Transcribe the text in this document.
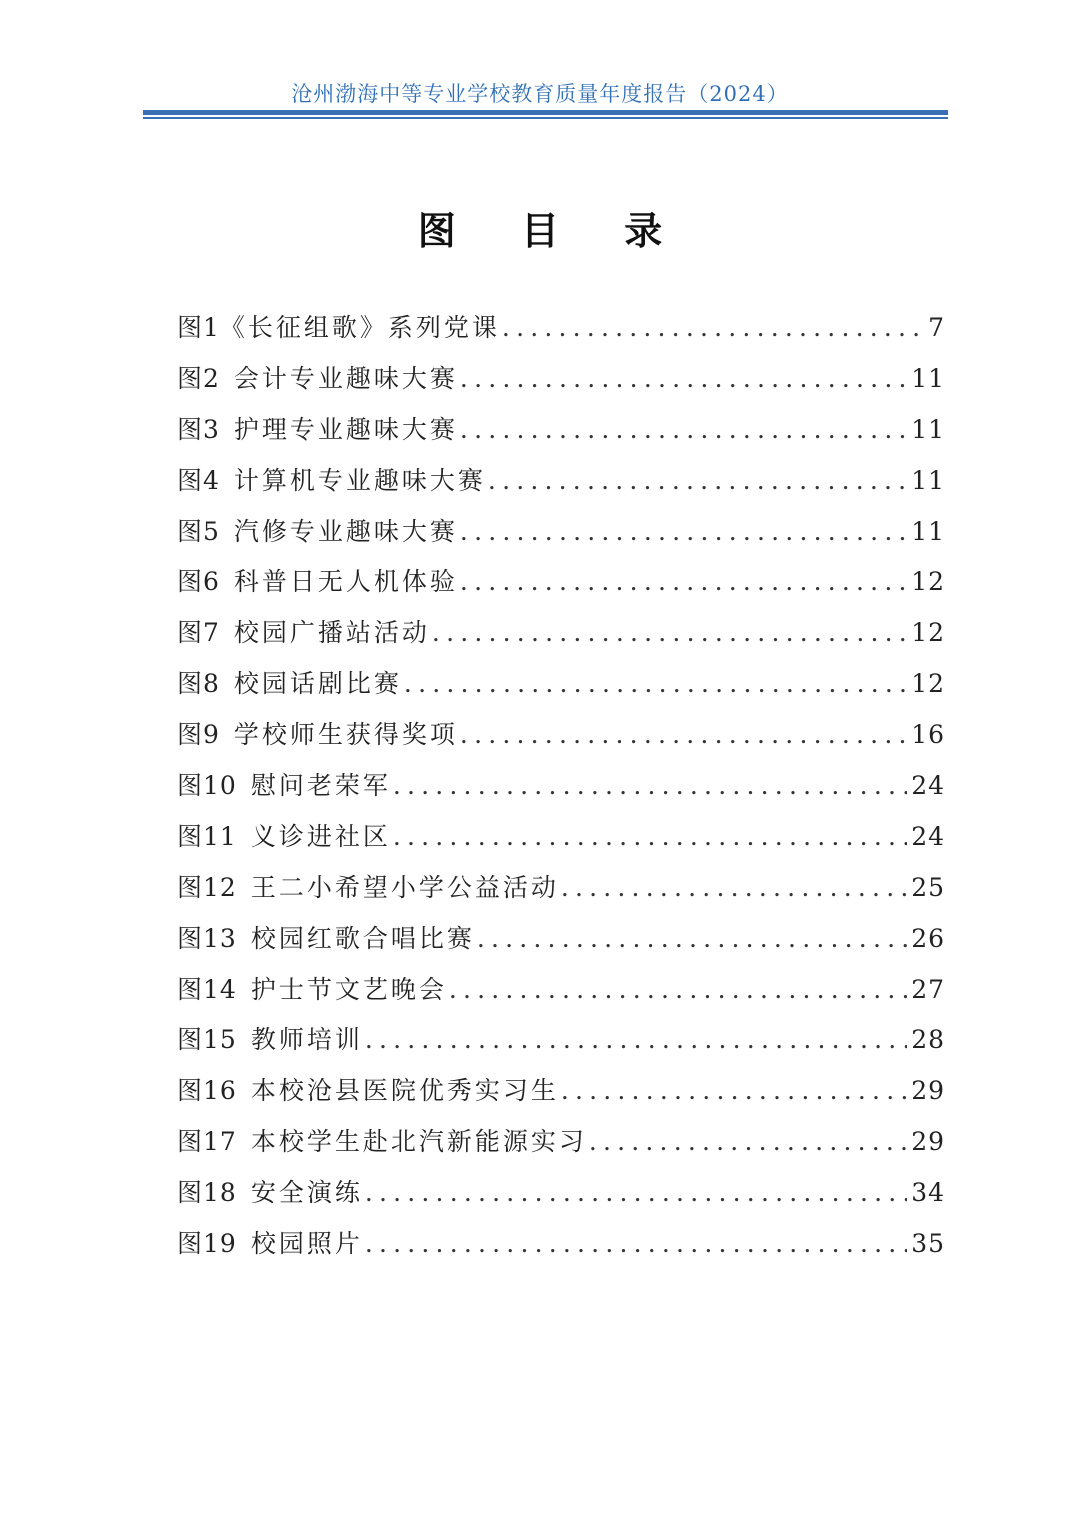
沧州渤海中等专业学校教育质量年度报告（2024）
图 目 录
图1 《长征组歌》系列党课 .....	7
图2 会计专业趣味大赛 .....	11
图3 护理专业趣味大赛 .....	11
图4 计算机专业趣味大赛 .....	11
图5 汽修专业趣味大赛 .....	11
图6 科普日无人机体验 .....	12
图7 校园广播站活动 .....	12
图8 校园话剧比赛 .....	12
图9 学校师生获得奖项 .....	16
图10 慰问老荣军 .....	24
图11 义诊进社区 .....	24
图12 王二小希望小学公益活动 .....	25
图13 校园红歌合唱比赛 .....	26
图14 护士节文艺晚会 .....	27
图15 教师培训 .....	28
图16 本校沧县医院优秀实习生 .....	29
图17 本校学生赴北汽新能源实习 .....	29
图18 安全演练 .....	34
图19 校园照片 .....	35
